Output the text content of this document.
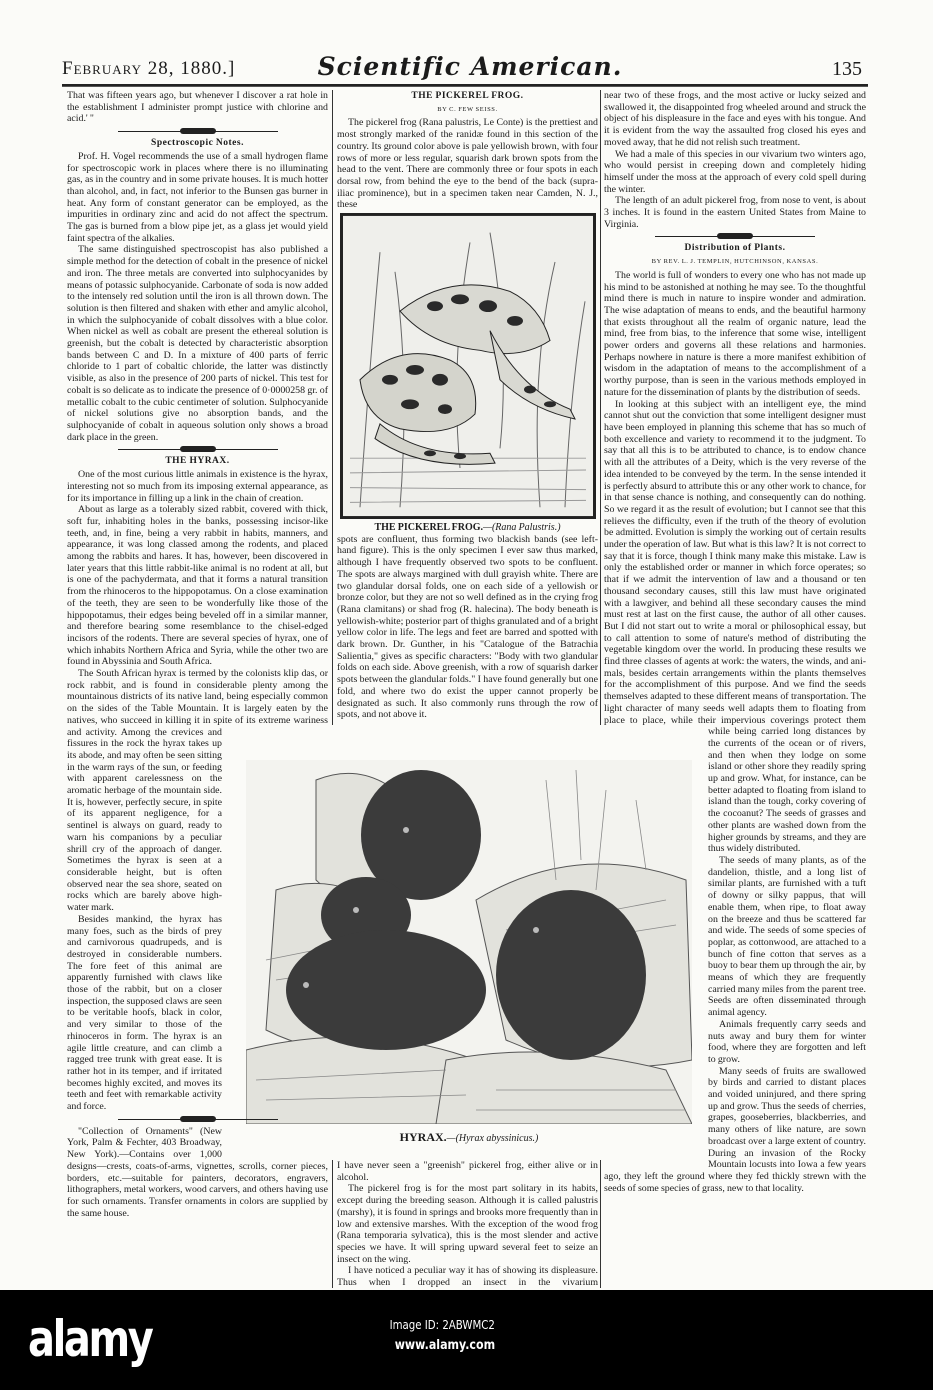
February 28, 1880.]	Scientific American.	135
HYRAX.—(Hyrax abyssinicus.)

That was fifteen years ago, but whenever I discover a rat hole in the establishment I administer prompt justice with chlorine and acid.' "

Spectroscopic Notes.

Prof. H. Vogel recommends the use of a small hydrogen flame for spectroscopic work in places where there is no illuminating gas, as in the country and in some private houses. It is much hotter than alcohol, and, in fact, not inferior to the Bunsen gas burner in heat. Any form of constant generator can be employed, as the impurities in ordinary zinc and acid do not affect the spectrum. The gas is burned from a blow pipe jet, as a glass jet would yield faint spectra of the alkalies.

The same distinguished spectroscopist has also published a simple method for the detection of cobalt in the presence of nickel and iron. The three metals are converted into sulphocyanides by means of potassic sulphocyanide. Carbonate of soda is now added to the intensely red solution until the iron is all thrown down. The solution is then filtered and shaken with ether and amylic alcohol, in which the sulphocyanide of cobalt dissolves with a blue color. When nickel as well as cobalt are present the ethereal solution is greenish, but the cobalt is detected by characteristic absorption bands between C and D. In a mixture of 400 parts of ferric chloride to 1 part of cobaltic chloride, the latter was distinctly visible, as also in the presence of 200 parts of nickel. This test for cobalt is so delicate as to indicate the presence of 0·0000258 gr. of metallic cobalt to the cubic centimeter of solution. Sulphocyanide of nickel solutions give no absorption bands, and the sulphocyanide of cobalt in aqueous solution only shows a broad dark place in the green.

THE HYRAX.

One of the most curious little animals in existence is the hyrax, interesting not so much from its imposing external appearance, as for its importance in filling up a link in the chain of creation.

About as large as a tolerably sized rabbit, covered with thick, soft fur, inhabiting holes in the banks, possessing incisor-like teeth, and, in fine, being a very rabbit in habits, manners, and appearance, it was long classed among the rodents, and placed among the rabbits and hares. It has, however, been discovered in later years that this little rabbit-like animal is no rodent at all, but is one of the pachydermata, and that it forms a natural transition from the rhinoceros to the hippopotamus. On a close examination of the teeth, they are seen to be wonderfully like those of the hippopotamus, their edges being beveled off in a similar manner, and therefore bearing some resemblance to the chisel-edged incisors of the rodents. There are several species of hyrax, one of which inhabits Northern Africa and Syria, while the other two are found in Abyssinia and South Africa.

The South African hyrax is termed by the colonists klip das, or rock rabbit, and is found in considerable plenty among the mountainous districts of its native land, being especially common on the sides of the Table Mountain. It is largely eaten by the natives, who succeed in killing it in spite of its extreme wariness and activity. Among the crevices and fissures in the rock the hyrax takes up its abode, and may often be seen sitting in the warm rays of the sun, or feeding with apparent carelessness on the aromatic herbage of the mountain side. It is, however, perfectly secure, in spite of its apparent negligence, for a sentinel is always on guard, ready to warn his companions by a peculiar shrill cry of the approach of danger. Sometimes the hyrax is seen at a considerable height, but is often observed near the sea shore, seated on rocks which are barely above high-water mark.

Besides mankind, the hyrax has many foes, such as the birds of prey and carnivorous quadrupeds, and is destroyed in considerable numbers. The fore feet of this animal are apparently furnished with claws like those of the rabbit, but on a closer inspection, the supposed claws are seen to be veritable hoofs, black in color, and very similar to those of the rhinoceros in form. The hyrax is an agile little creature, and can climb a ragged tree trunk with great ease. It is rather hot in its temper, and if irritated becomes highly excited, and moves its teeth and feet with remarkable activity and force.

"Collection of Ornaments" (New York, Palm & Fechter, 403 Broadway, New York).—Contains over 1,000 designs—crests, coats-of-arms, vignettes, scrolls, corner pieces, borders, etc.—suitable for painters, decorators, engravers, lithographers, metal workers, wood carvers, and others having use for such ornaments. Transfer ornaments in colors are supplied by the same house.

THE PICKEREL FROG.
BY C. FEW SEISS.

The pickerel frog (Rana palustris, Le Conte) is the prettiest and most strongly marked of the ranidæ found in this section of the country. Its ground color above is pale yellowish brown, with four rows of more or less regular, squarish dark brown spots from the head to the vent. There are commonly three or four spots in each dorsal row, from behind the eye to the bend of the back (supra-iliac prominence), but in a specimen taken near Camden, N. J., these

THE PICKEREL FROG.—(Rana Palustris.)

spots are confluent, thus forming two blackish bands (see left-hand figure). This is the only specimen I ever saw thus marked, although I have frequently observed two spots to be confluent. The spots are always margined with dull grayish white. There are two glandular dorsal folds, one on each side of a yellowish or bronze color, but they are not so well defined as in the crying frog (Rana clamitans) or shad frog (R. halecina). The body beneath is yellowish-white; posterior part of thighs granulated and of a bright yellow color in life. The legs and feet are barred and spotted with dark brown. Dr. Gunther, in his "Catalogue of the Batrachia Salientia," gives as specific characters: "Body with two glandular folds on each side. Above greenish, with a row of squarish darker spots between the glandular folds." I have found generally but one fold, and where two do exist the upper cannot properly be designated as such. It also commonly runs through the row of spots, and not above it.

I have never seen a "greenish" pickerel frog, either alive or in alcohol.

The pickerel frog is for the most part solitary in its habits, except during the breeding season. Although it is called palustris (marshy), it is found in springs and brooks more frequently than in low and extensive marshes. With the exception of the wood frog (Rana temporaria sylvatica), this is the most slender and active species we have. It will spring upward several feet to seize an insect on the wing.

I have noticed a peculiar way it has of showing its displeasure. Thus when I dropped an insect in the vivarium

near two of these frogs, and the most active or lucky seized and swallowed it, the disappointed frog wheeled around and struck the object of his displeasure in the face and eyes with his tongue. And it is evident from the way the assaulted frog closed his eyes and moved away, that he did not relish such treatment.

We had a male of this species in our vivarium two winters ago, who would persist in creeping down and completely hiding himself under the moss at the approach of every cold spell during the winter.

The length of an adult pickerel frog, from nose to vent, is about 3 inches. It is found in the eastern United States from Maine to Virginia.

Distribution of Plants.
BY REV. L. J. TEMPLIN, HUTCHINSON, KANSAS.

The world is full of wonders to every one who has not made up his mind to be astonished at nothing he may see. To the thoughtful mind there is much in nature to inspire wonder and admiration. The wise adaptation of means to ends, and the beautiful harmony that exists throughout all the realm of organic nature, lead the mind, free from bias, to the inference that some wise, intelligent power orders and governs all these relations and harmonies. Perhaps nowhere in nature is there a more manifest exhibition of wisdom in the adaptation of means to the accomplishment of a worthy purpose, than is seen in the various methods employed in nature for the dissemination of plants by the distribution of seeds.

In looking at this subject with an intelligent eye, the mind cannot shut out the conviction that some intelligent designer must have been employed in planning this scheme that has so much of both excellence and variety to recommend it to the judgment. To say that all this is to be attributed to chance, is to endow chance with all the attributes of a Deity, which is the very reverse of the idea intended to be conveyed by the term. In the sense intended it is perfectly absurd to attribute this or any other work to chance, for in that sense chance is nothing, and consequently can do nothing. So we regard it as the result of evolution; but I cannot see that this relieves the difficulty, even if the truth of the theory of evolution be admitted. Evolution is simply the working out of certain results under the operation of law. But what is this law? It is not correct to say that it is force, though I think many make this mistake. Law is only the established order or manner in which force operates; so that if we admit the intervention of law and a thousand or ten thousand secondary causes, still this law must have originated with a lawgiver, and behind all these secondary causes the mind must rest at last on the first cause, the author of all other causes. But I did not start out to write a moral or philosophical essay, but to call attention to some of nature's method of distributing the vegetable kingdom over the world. In producing these results we find three classes of agents at work: the waters, the winds, and ani-mals, besides certain arrangements within the plants themselves for the accomplishment of this purpose. And we find the seeds themselves adapted to these different means of transportation. The light character of many seeds well adapts them to floating from place to place, while their impervious coverings protect them while being carried long distances by the currents of the ocean or of rivers, and then when they lodge on some island or other shore they readily spring up and grow. What, for instance, can be better adapted to floating from island to island than the tough, corky covering of the cocoanut? The seeds of grasses and other plants are washed down from the higher grounds by streams, and they are thus widely distributed.

The seeds of many plants, as of the dandelion, thistle, and a long list of similar plants, are furnished with a tuft of downy or silky pappus, that will enable them, when ripe, to float away on the breeze and thus be scattered far and wide. The seeds of some species of poplar, as cottonwood, are attached to a bunch of fine cotton that serves as a buoy to bear them up through the air, by means of which they are frequently carried many miles from the parent tree. Seeds are often disseminated through animal agency.

Animals frequently carry seeds and nuts away and bury them for winter food, where they are forgotten and left to grow.

Many seeds of fruits are swallowed by birds and carried to distant places and voided uninjured, and there spring up and grow. Thus the seeds of cherries, grapes, gooseberries, blackberries, and many others of like nature, are sown broadcast over a large extent of country. During an invasion of the Rocky Mountain locusts into Iowa a few years ago, they left the ground where they fed thickly strewn with the seeds of some species of grass, new to that locality.

alamy	Image ID: 2ABWMC2
www.alamy.com
